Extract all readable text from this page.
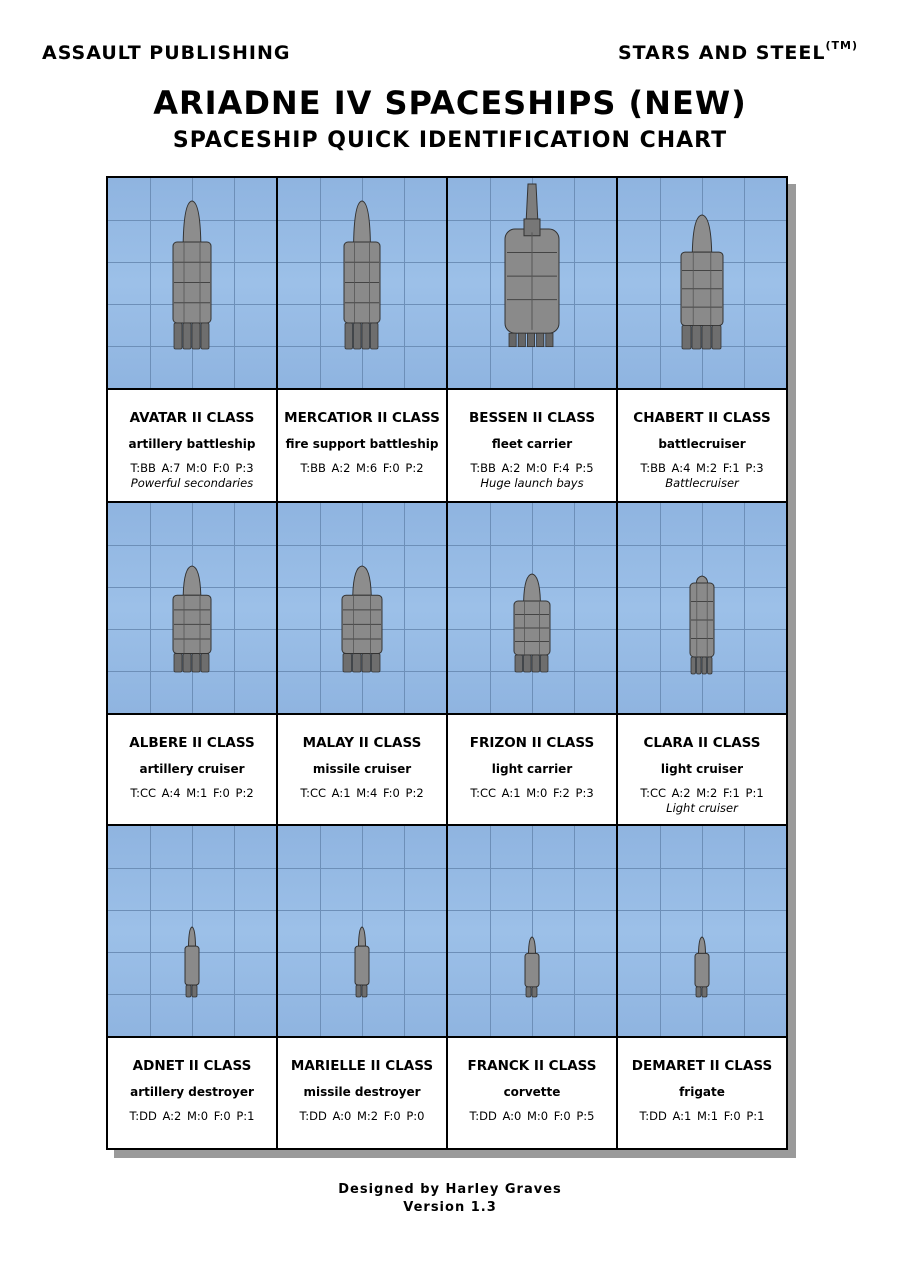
ASSAULT PUBLISHING	STARS AND $STEEL^{(TM)}$
ARIADNE IV SPACESHIPS (NEW)
SPACESHIP QUICK IDENTIFICATION CHART
AVATAR II CLASS
artillery battleship
T:BB A:7 M:0 F:0 P:3
Powerful secondaries
MERCATIOR II CLASS
fire support battleship
T:BB A:2 M:6 F:0 P:2
BESSEN II CLASS
fleet carrier
T:BB A:2 M:0 F:4 P:5
Huge launch bays
CHABERT II CLASS
battlecruiser
T:BB A:4 M:2 F:1 P:3
Battlecruiser
ALBERE II CLASS
artillery cruiser
T:CC A:4 M:1 F:0 P:2
MALAY II CLASS
missile cruiser
T:CC A:1 M:4 F:0 P:2
FRIZON II CLASS
light carrier
T:CC A:1 M:0 F:2 P:3
CLARA II CLASS
light cruiser
T:CC A:2 M:2 F:1 P:1
Light cruiser
ADNET II CLASS
artillery destroyer
T:DD A:2 M:0 F:0 P:1
MARIELLE II CLASS
missile destroyer
T:DD A:0 M:2 F:0 P:0
FRANCK II CLASS
corvette
T:DD A:0 M:0 F:0 P:5
DEMARET II CLASS
frigate
T:DD A:1 M:1 F:0 P:1
Designed by Harley Graves
Version 1.3
